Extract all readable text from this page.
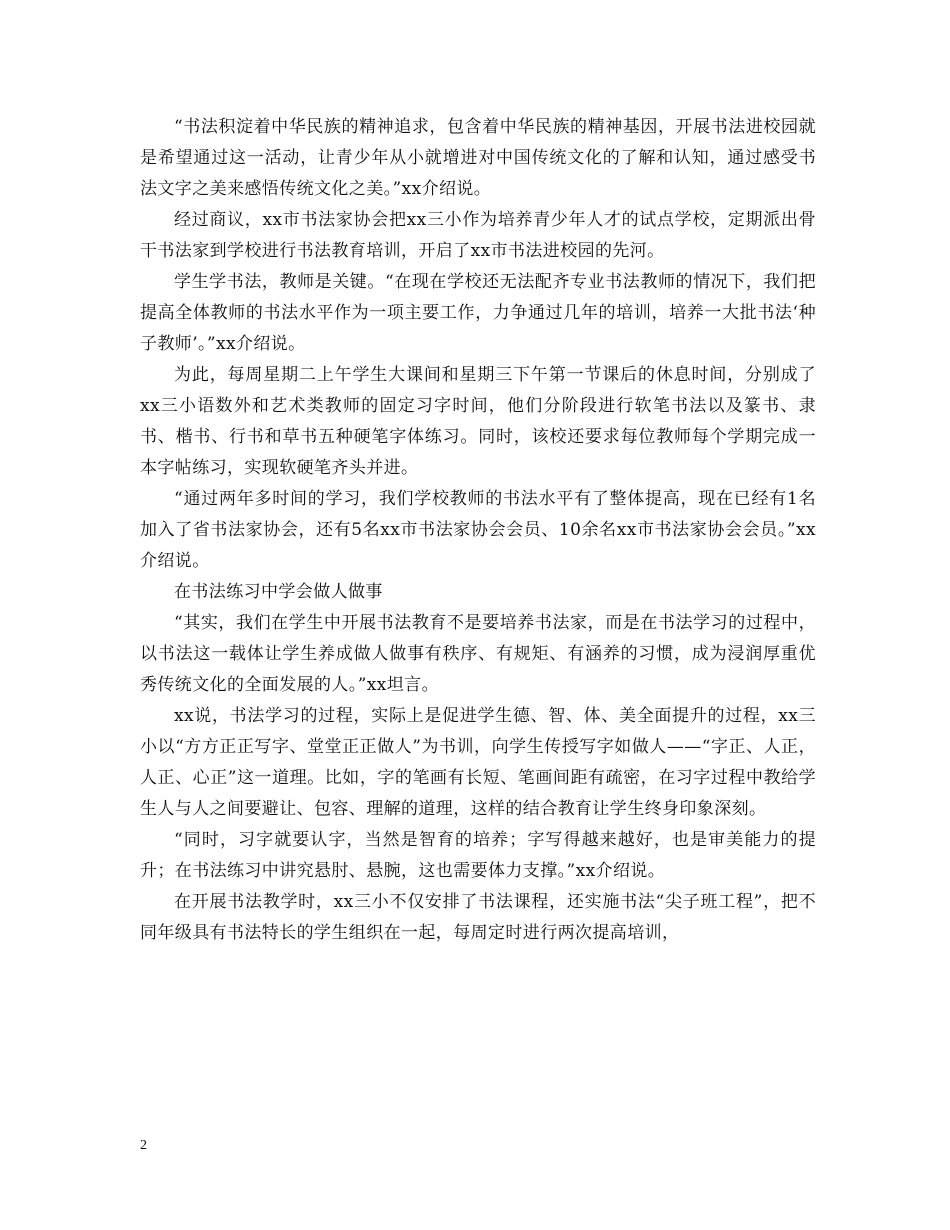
“书法积淀着中华民族的精神追求，包含着中华民族的精神基因，开展书法进校园就是希望通过这一活动，让青少年从小就增进对中国传统文化的了解和认知，通过感受书法文字之美来感悟传统文化之美。”xx介绍说。

经过商议，xx市书法家协会把xx三小作为培养青少年人才的试点学校，定期派出骨干书法家到学校进行书法教育培训，开启了xx市书法进校园的先河。

学生学书法，教师是关键。“在现在学校还无法配齐专业书法教师的情况下，我们把提高全体教师的书法水平作为一项主要工作，力争通过几年的培训，培养一大批书法‘种子教师’。”xx介绍说。

为此，每周星期二上午学生大课间和星期三下午第一节课后的休息时间，分别成了xx三小语数外和艺术类教师的固定习字时间，他们分阶段进行软笔书法以及篆书、隶书、楷书、行书和草书五种硬笔字体练习。同时，该校还要求每位教师每个学期完成一本字帖练习，实现软硬笔齐头并进。

“通过两年多时间的学习，我们学校教师的书法水平有了整体提高，现在已经有1名加入了省书法家协会，还有5名xx市书法家协会会员、10余名xx市书法家协会会员。”xx介绍说。

在书法练习中学会做人做事

“其实，我们在学生中开展书法教育不是要培养书法家，而是在书法学习的过程中，以书法这一载体让学生养成做人做事有秩序、有规矩、有涵养的习惯，成为浸润厚重优秀传统文化的全面发展的人。”xx坦言。

xx说，书法学习的过程，实际上是促进学生德、智、体、美全面提升的过程，xx三小以“方方正正写字、堂堂正正做人”为书训，向学生传授写字如做人——“字正、人正，人正、心正”这一道理。比如，字的笔画有长短、笔画间距有疏密，在习字过程中教给学生人与人之间要避让、包容、理解的道理，这样的结合教育让学生终身印象深刻。

“同时，习字就要认字，当然是智育的培养；字写得越来越好，也是审美能力的提升；在书法练习中讲究悬肘、悬腕，这也需要体力支撑。”xx介绍说。

在开展书法教学时，xx三小不仅安排了书法课程，还实施书法“尖子班工程”，把不同年级具有书法特长的学生组织在一起，每周定时进行两次提高培训，

2
